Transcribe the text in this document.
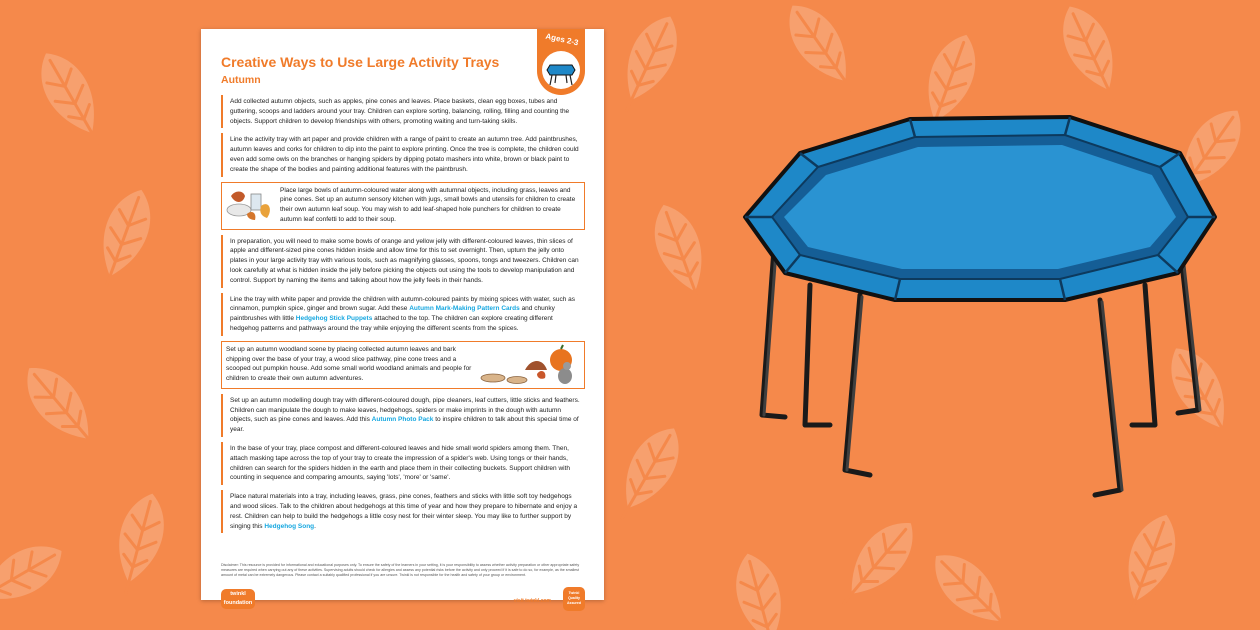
Creative Ways to Use Large Activity Trays
Autumn
Ages 2-3
Add collected autumn objects, such as apples, pine cones and leaves. Place baskets, clean egg boxes, tubes and guttering, scoops and ladders around your tray. Children can explore sorting, balancing, rolling, filling and counting the objects. Support children to develop friendships with others, promoting waiting and turn-taking skills.
Line the activity tray with art paper and provide children with a range of paint to create an autumn tree. Add paintbrushes, autumn leaves and corks for children to dip into the paint to explore printing. Once the tree is complete, the children could even add some owls on the branches or hanging spiders by dipping potato mashers into white, brown or black paint to create the shape of the bodies and painting additional features with the paintbrush.
Place large bowls of autumn-coloured water along with autumnal objects, including grass, leaves and pine cones. Set up an autumn sensory kitchen with jugs, small bowls and utensils for children to create their own autumn leaf soup. You may wish to add leaf-shaped hole punchers for children to create autumn leaf confetti to add to their soup.
In preparation, you will need to make some bowls of orange and yellow jelly with different-coloured leaves, thin slices of apple and different-sized pine cones hidden inside and allow time for this to set overnight. Then, upturn the jelly onto plates in your large activity tray with various tools, such as magnifying glasses, spoons, tongs and tweezers. Children can look carefully at what is hidden inside the jelly before picking the objects out using the tools to develop manipulation and control. Support by naming the items and talking about how the jelly feels in their hands.
Line the tray with white paper and provide the children with autumn-coloured paints by mixing spices with water, such as cinnamon, pumpkin spice, ginger and brown sugar. Add these Autumn Mark-Making Pattern Cards and chunky paintbrushes with little Hedgehog Stick Puppets attached to the top. The children can explore creating different hedgehog patterns and pathways around the tray while enjoying the different scents from the spices.
Set up an autumn woodland scene by placing collected autumn leaves and bark chipping over the base of your tray, a wood slice pathway, pine cone trees and a scooped out pumpkin house. Add some small world woodland animals and people for children to create their own autumn adventures.
Set up an autumn modelling dough tray with different-coloured dough, pipe cleaners, leaf cutters, little sticks and feathers. Children can manipulate the dough to make leaves, hedgehogs, spiders or make imprints in the dough with autumn objects, such as pine cones and leaves. Add this Autumn Photo Pack to inspire children to talk about this special time of year.
In the base of your tray, place compost and different-coloured leaves and hide small world spiders among them. Then, attach masking tape across the top of your tray to create the impression of a spider's web. Using tongs or their hands, children can search for the spiders hidden in the earth and place them in their collecting buckets. Support children with counting in sequence and comparing amounts, saying 'lots', 'more' or 'same'.
Place natural materials into a tray, including leaves, grass, pine cones, feathers and sticks with little soft toy hedgehogs and wood slices. Talk to the children about hedgehogs at this time of year and how they prepare to hibernate and enjoy a rest. Children can help to build the hedgehogs a little cosy nest for their winter sleep. You may like to further support by singing this Hedgehog Song.
Disclaimer: This resource is provided for informational and educational purposes only. To ensure the safety of the learners in your setting, it is your responsibility to assess whether activity preparation or other appropriate safety measures are required when carrying out any of these activities. Supervising adults should check for allergies and assess any potential risks before the activity and only proceed if it is safe to do so, for example, as the smallest amount of metal can be extremely dangerous. Please contact a suitably qualified professional if you are unsure. Twinkl is not responsible for the health and safety of your group or environment.
twinkl foundation	visit twinkl.com
Twinkl Quality Assured
